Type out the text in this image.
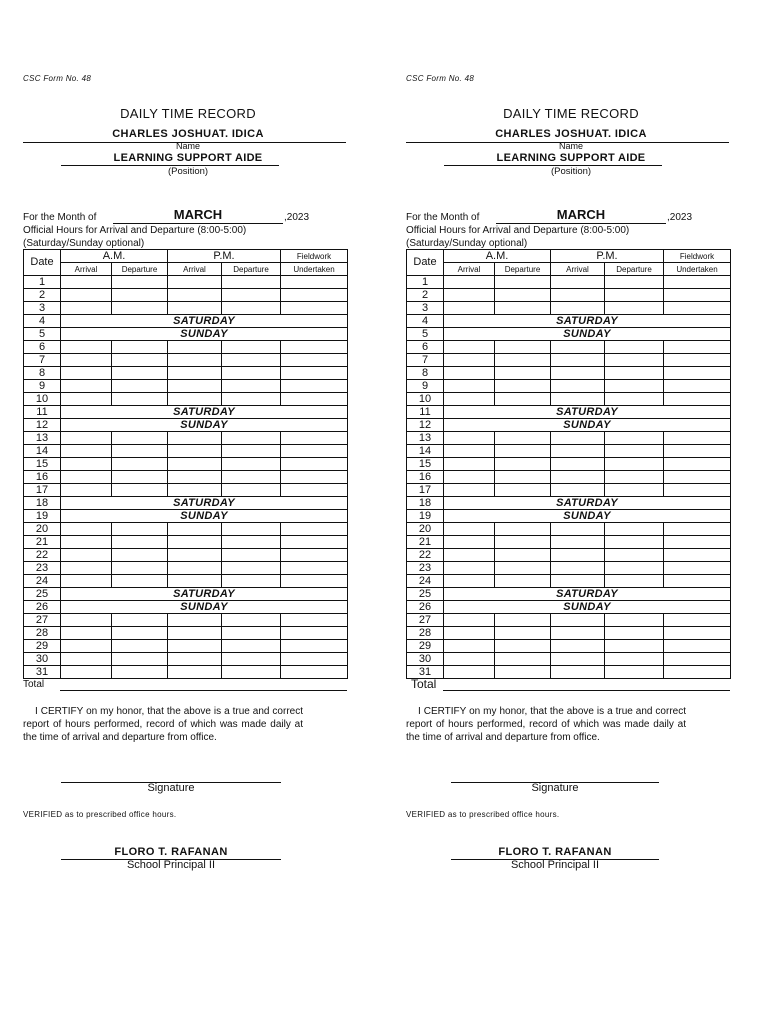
CSC Form No. 48
DAILY TIME RECORD
CHARLES JOSHUAT. IDICA
Name
LEARNING SUPPORT AIDE
(Position)
For the Month of	MARCH	,2023
Official Hours for Arrival and Departure (8:00-5:00)
(Saturday/Sunday optional)
Date	A.M.		P.M.		Fieldwork
	Arrival	Departure	Arrival	Departure	Undertaken
1					
2					
3					
4	SATURDAY				
5	SUNDAY				
6					
7					
8					
9					
10					
11	SATURDAY				
12	SUNDAY				
13					
14					
15					
16					
17					
18	SATURDAY				
19	SUNDAY				
20					
21					
22					
23					
24					
25	SATURDAY				
26	SUNDAY				
27					
28					
29					
30					
31					
Total
I CERTIFY on my honor, that the above is a true and correct report of hours performed, record of which was made daily at the time of arrival and departure from office.
Signature
VERIFIED as to prescribed office hours.
FLORO T. RAFANAN
School Principal II
CSC Form No. 48
DAILY TIME RECORD
CHARLES JOSHUAT. IDICA
Name
LEARNING SUPPORT AIDE
(Position)
For the Month of	MARCH	,2023
Official Hours for Arrival and Departure (8:00-5:00)
(Saturday/Sunday optional)
Date	A.M.		P.M.		Fieldwork
	Arrival	Departure	Arrival	Departure	Undertaken
1					
2					
3					
4	SATURDAY				
5	SUNDAY				
6					
7					
8					
9					
10					
11	SATURDAY				
12	SUNDAY				
13					
14					
15					
16					
17					
18	SATURDAY				
19	SUNDAY				
20					
21					
22					
23					
24					
25	SATURDAY				
26	SUNDAY				
27					
28					
29					
30					
31					
Total
I CERTIFY on my honor, that the above is a true and correct report of hours performed, record of which was made daily at the time of arrival and departure from office.
Signature
VERIFIED as to prescribed office hours.
FLORO T. RAFANAN
School Principal II
